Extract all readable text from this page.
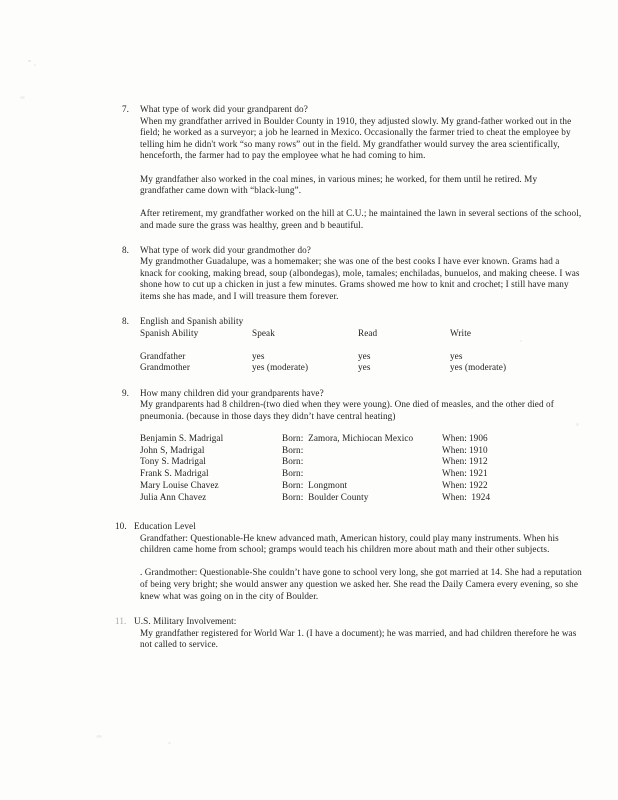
7.	What type of work did your grandparent do?

When my grandfather arrived in Boulder County in 1910, they adjusted slowly. My grand-father worked out in the field; he worked as a surveyor; a job he learned in Mexico. Occasionally the farmer tried to cheat the employee by telling him he didn't work “so many rows” out in the field. My grandfather would survey the area scientifically, henceforth, the farmer had to pay the employee what he had coming to him.

My grandfather also worked in the coal mines, in various mines; he worked, for them until he retired. My grandfather came down with “black-lung”.

After retirement, my grandfather worked on the hill at C.U.; he maintained the lawn in several sections of the school, and made sure the grass was healthy, green and b beautiful.

8.	What type of work did your grandmother do?

My grandmother Guadalupe, was a homemaker; she was one of the best cooks I have ever known. Grams had a knack for cooking, making bread, soup (albondegas), mole, tamales; enchiladas, bunuelos, and making cheese. I was shone how to cut up a chicken in just a few minutes. Grams showed me how to knit and crochet; I still have many items she has made, and I will treasure them forever.

8.	English and Spanish ability
Spanish Ability	Speak	Read	Write

Grandfather	yes	yes	yes
Grandmother	yes (moderate)	yes	yes (moderate)
9.	How many children did your grandparents have?

My grandparents had 8 children-(two died when they were young). One died of measles, and the other died of pneumonia. (because in those days they didn’t have central heating)

Benjamin S. Madrigal	Born: Zamora, Michiocan Mexico	When: 1906
John S, Madrigal	Born:	When: 1910
Tony S. Madrigal	Born:	When: 1912
Frank S. Madrigal	Born:	When: 1921
Mary Louise Chavez	Born: Longmont	When: 1922
Julia Ann Chavez	Born: Boulder County	When: 1924
10. Education Level

Grandfather: Questionable-He knew advanced math, American history, could play many instruments. When his children came home from school; gramps would teach his children more about math and their other subjects.

. Grandmother: Questionable-She couldn’t have gone to school very long, she got married at 14. She had a reputation of being very bright; she would answer any question we asked her. She read the Daily Camera every evening, so she knew what was going on in the city of Boulder.

11. U.S. Military Involvement:

My grandfather registered for World War 1. (I have a document); he was married, and had children therefore he was not called to service.
